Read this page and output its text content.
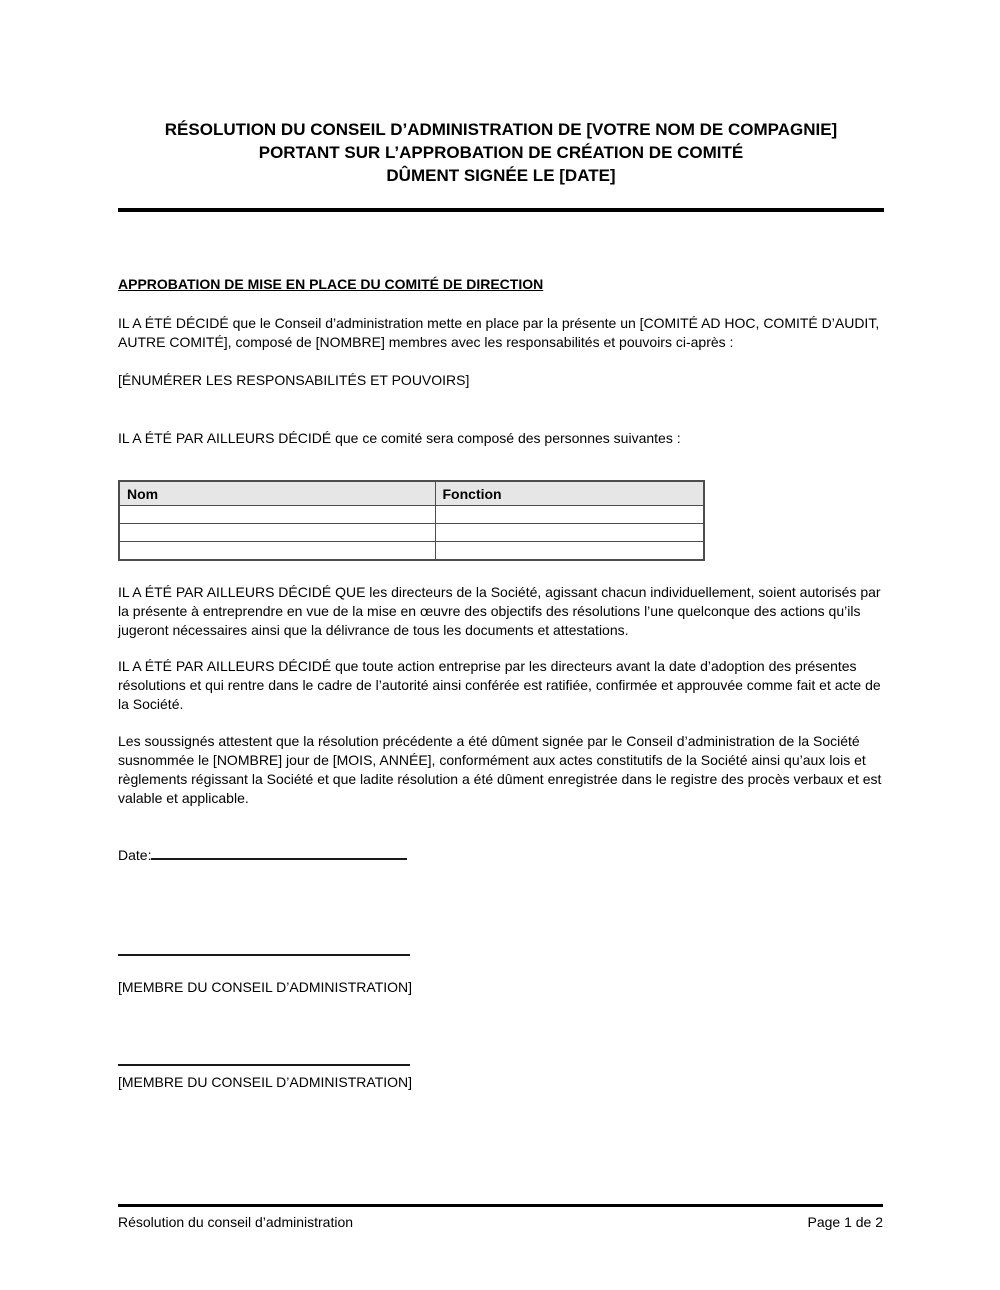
RÉSOLUTION DU CONSEIL D’ADMINISTRATION DE [VOTRE NOM DE COMPAGNIE]
PORTANT SUR L’APPROBATION DE CRÉATION DE COMITÉ
DÛMENT SIGNÉE LE [DATE]
APPROBATION DE MISE EN PLACE DU COMITÉ DE DIRECTION

IL A ÉTÉ DÉCIDÉ que le Conseil d’administration mette en place par la présente un [COMITÉ AD HOC, COMITÉ D’AUDIT, AUTRE COMITÉ], composé de [NOMBRE] membres avec les responsabilités et pouvoirs ci-après :

[ÉNUMÉRER LES RESPONSABILITÉS ET POUVOIRS]

IL A ÉTÉ PAR AILLEURS DÉCIDÉ que ce comité sera composé des personnes suivantes :

Nom	Fonction

IL A ÉTÉ PAR AILLEURS DÉCIDÉ QUE les directeurs de la Société, agissant chacun individuellement, soient autorisés par la présente à entreprendre en vue de la mise en œuvre des objectifs des résolutions l’une quelconque des actions qu’ils jugeront nécessaires ainsi que la délivrance de tous les documents et attestations.

IL A ÉTÉ PAR AILLEURS DÉCIDÉ que toute action entreprise par les directeurs avant la date d’adoption des présentes résolutions et qui rentre dans le cadre de l’autorité ainsi conférée est ratifiée, confirmée et approuvée comme fait et acte de la Société.

Les soussignés attestent que la résolution précédente a été dûment signée par le Conseil d’administration de la Société susnommée le [NOMBRE] jour de [MOIS, ANNÉE], conformément aux actes constitutifs de la Société ainsi qu’aux lois et règlements régissant la Société et que ladite résolution a été dûment enregistrée dans le registre des procès verbaux et est valable et applicable.

Date:
[MEMBRE DU CONSEIL D’ADMINISTRATION]
[MEMBRE DU CONSEIL D’ADMINISTRATION]
Résolution du conseil d’administration	Page 1 de 2
